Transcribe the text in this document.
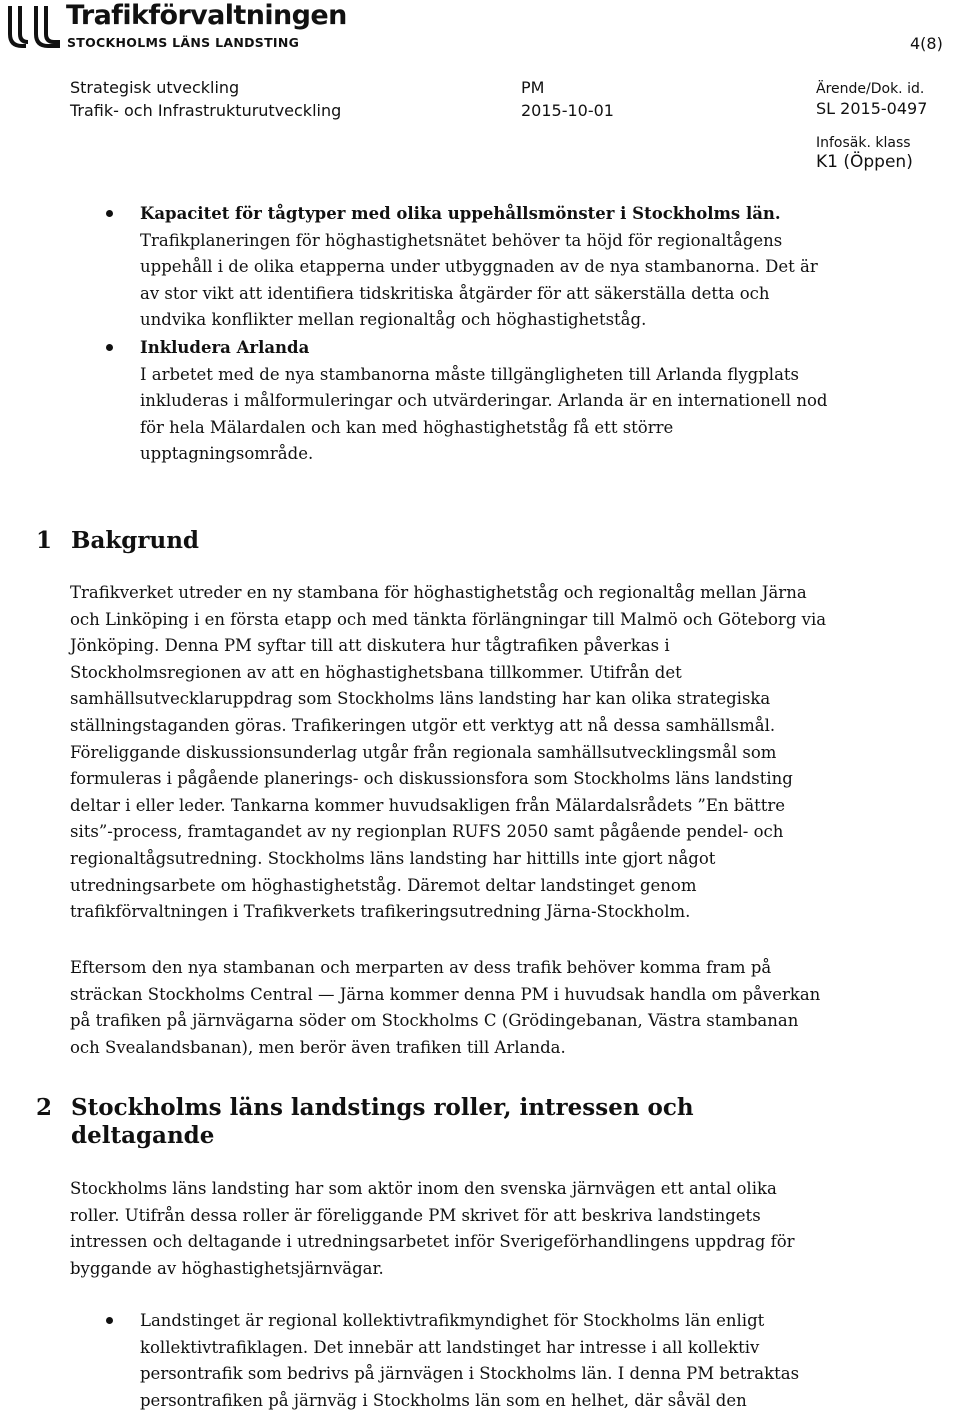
Trafikförvaltningen
STOCKHOLMS LÄNS LANDSTING	4(8)
Strategisk utveckling
Trafik- och Infrastrukturutveckling
PM
2015-10-01
Ärende/Dok. id.
SL 2015-0497
Infosäk. klass
K1 (Öppen)
Kapacitet för tågtyper med olika uppehållsmönster i Stockholms län.
Trafikplaneringen för höghastighetsnätet behöver ta höjd för regionaltågens uppehåll i de olika etapperna under utbyggnaden av de nya stambanorna. Det är av stor vikt att identifiera tidskritiska åtgärder för att säkerställa detta och undvika konflikter mellan regionaltåg och höghastighetståg.
Inkludera Arlanda
I arbetet med de nya stambanorna måste tillgängligheten till Arlanda flygplats inkluderas i målformuleringar och utvärderingar. Arlanda är en internationell nod för hela Mälardalen och kan med höghastighetståg få ett större upptagningsområde.
1 Bakgrund
Trafikverket utreder en ny stambana för höghastighetståg och regionaltåg mellan Järna och Linköping i en första etapp och med tänkta förlängningar till Malmö och Göteborg via Jönköping. Denna PM syftar till att diskutera hur tågtrafiken påverkas i Stockholmsregionen av att en höghastighetsbana tillkommer. Utifrån det samhällsutvecklaruppdrag som Stockholms läns landsting har kan olika strategiska ställningstaganden göras. Trafikeringen utgör ett verktyg att nå dessa samhällsmål. Föreliggande diskussionsunderlag utgår från regionala samhällsutvecklingsmål som formuleras i pågående planerings- och diskussionsfora som Stockholms läns landsting deltar i eller leder. Tankarna kommer huvudsakligen från Mälardalsrådets ”En bättre sits”-process, framtagandet av ny regionplan RUFS 2050 samt pågående pendel- och regionaltågsutredning. Stockholms läns landsting har hittills inte gjort något utredningsarbete om höghastighetståg. Däremot deltar landstinget genom trafikförvaltningen i Trafikverkets trafikeringsutredning Järna-Stockholm.
Eftersom den nya stambanan och merparten av dess trafik behöver komma fram på sträckan Stockholms Central — Järna kommer denna PM i huvudsak handla om påverkan på trafiken på järnvägarna söder om Stockholms C (Grödingebanan, Västra stambanan och Svealandsbanan), men berör även trafiken till Arlanda.
2 Stockholms läns landstings roller, intressen och deltagande
Stockholms läns landsting har som aktör inom den svenska järnvägen ett antal olika roller. Utifrån dessa roller är föreliggande PM skrivet för att beskriva landstingets intressen och deltagande i utredningsarbetet inför Sverigeförhandlingens uppdrag för byggande av höghastighetsjärnvägar.
Landstinget är regional kollektivtrafikmyndighet för Stockholms län enligt kollektivtrafiklagen. Det innebär att landstinget har intresse i all kollektiv persontrafik som bedrivs på järnvägen i Stockholms län. I denna PM betraktas persontrafiken på järnväg i Stockholms län som en helhet, där såväl den
